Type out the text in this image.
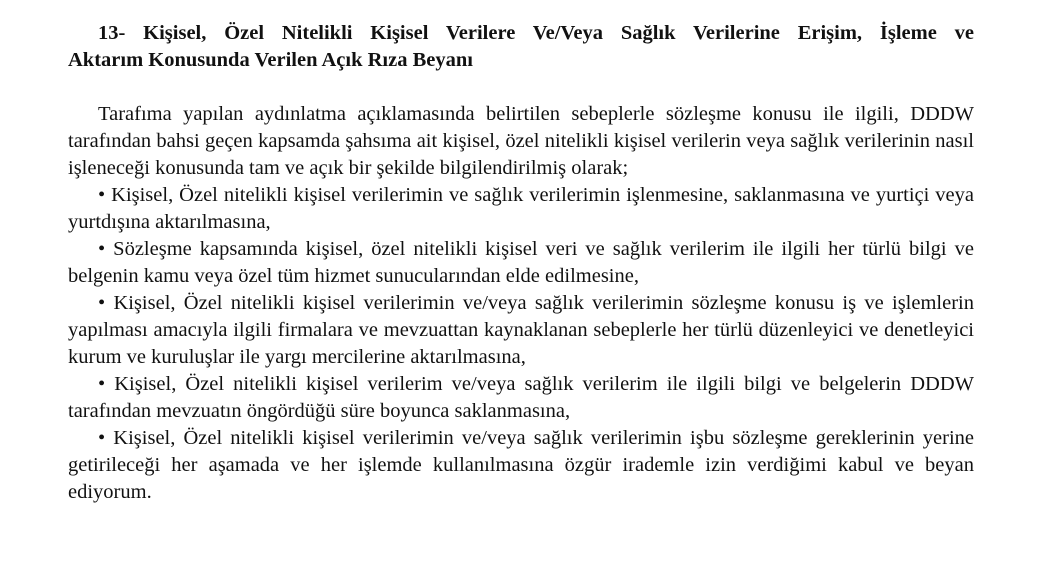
13- Kişisel, Özel Nitelikli Kişisel Verilere Ve/Veya Sağlık Verilerine Erişim, İşleme ve
Aktarım Konusunda Verilen Açık Rıza Beyanı

Tarafıma yapılan aydınlatma açıklamasında belirtilen sebeplerle sözleşme konusu ile ilgili, DDDW tarafından bahsi geçen kapsamda şahsıma ait kişisel, özel nitelikli kişisel verilerin veya sağlık verilerinin nasıl işleneceği konusunda tam ve açık bir şekilde bilgilendirilmiş olarak;

• Kişisel, Özel nitelikli kişisel verilerimin ve sağlık verilerimin işlenmesine, saklanmasına ve yurtiçi veya yurtdışına aktarılmasına,

• Sözleşme kapsamında kişisel, özel nitelikli kişisel veri ve sağlık verilerim ile ilgili her türlü bilgi ve belgenin kamu veya özel tüm hizmet sunucularından elde edilmesine,

• Kişisel, Özel nitelikli kişisel verilerimin ve/veya sağlık verilerimin sözleşme konusu iş ve işlemlerin yapılması amacıyla ilgili firmalara ve mevzuattan kaynaklanan sebeplerle her türlü düzenleyici ve denetleyici kurum ve kuruluşlar ile yargı mercilerine aktarılmasına,

• Kişisel, Özel nitelikli kişisel verilerim ve/veya sağlık verilerim ile ilgili bilgi ve belgelerin DDDW tarafından mevzuatın öngördüğü süre boyunca saklanmasına,

• Kişisel, Özel nitelikli kişisel verilerimin ve/veya sağlık verilerimin işbu sözleşme gereklerinin yerine getirileceği her aşamada ve her işlemde kullanılmasına özgür irademle izin verdiğimi kabul ve beyan ediyorum.
